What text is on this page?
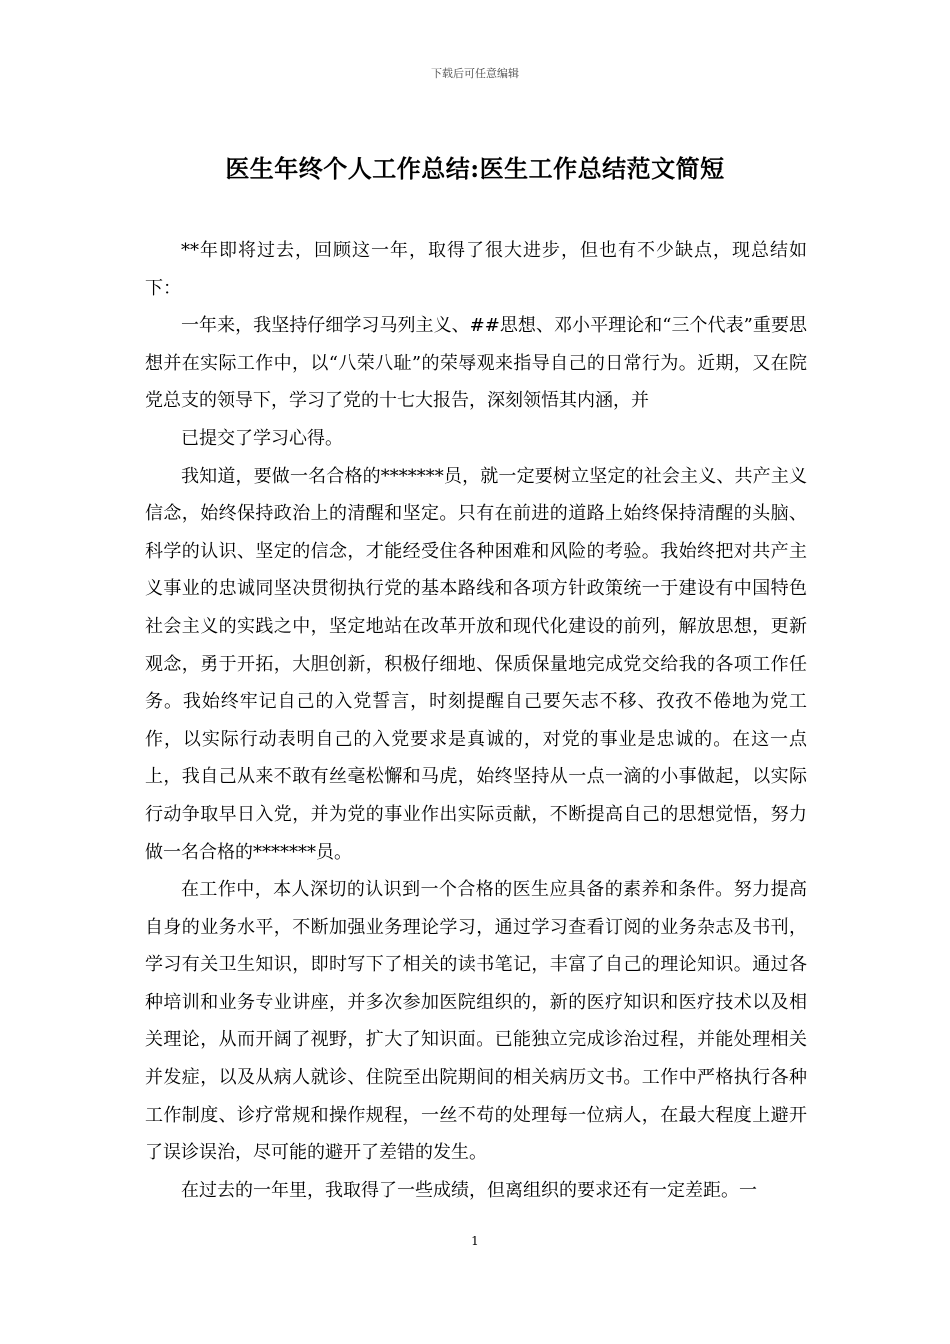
下载后可任意编辑
医生年终个人工作总结:医生工作总结范文简短

**年即将过去，回顾这一年，取得了很大进步，但也有不少缺点，现总结如下：

一年来，我坚持仔细学习马列主义、##思想、邓小平理论和“三个代表”重要思想并在实际工作中，以“八荣八耻”的荣辱观来指导自己的日常行为。近期，又在院党总支的领导下，学习了党的十七大报告，深刻领悟其内涵，并

已提交了学习心得。

我知道，要做一名合格的*******员，就一定要树立坚定的社会主义、共产主义信念，始终保持政治上的清醒和坚定。只有在前进的道路上始终保持清醒的头脑、科学的认识、坚定的信念，才能经受住各种困难和风险的考验。我始终把对共产主义事业的忠诚同坚决贯彻执行党的基本路线和各项方针政策统一于建设有中国特色社会主义的实践之中，坚定地站在改革开放和现代化建设的前列，解放思想，更新观念，勇于开拓，大胆创新，积极仔细地、保质保量地完成党交给我的各项工作任务。我始终牢记自己的入党誓言，时刻提醒自己要矢志不移、孜孜不倦地为党工作，以实际行动表明自己的入党要求是真诚的，对党的事业是忠诚的。在这一点上，我自己从来不敢有丝毫松懈和马虎，始终坚持从一点一滴的小事做起，以实际行动争取早日入党，并为党的事业作出实际贡献，不断提高自己的思想觉悟，努力做一名合格的*******员。

在工作中，本人深切的认识到一个合格的医生应具备的素养和条件。努力提高自身的业务水平，不断加强业务理论学习，通过学习查看订阅的业务杂志及书刊，学习有关卫生知识，即时写下了相关的读书笔记，丰富了自己的理论知识。通过各种培训和业务专业讲座，并多次参加医院组织的，新的医疗知识和医疗技术以及相关理论，从而开阔了视野，扩大了知识面。已能独立完成诊治过程，并能处理相关并发症，以及从病人就诊、住院至出院期间的相关病历文书。工作中严格执行各种工作制度、诊疗常规和操作规程，一丝不苟的处理每一位病人，在最大程度上避开了误诊误治，尽可能的避开了差错的发生。

在过去的一年里，我取得了一些成绩，但离组织的要求还有一定差距。一

1
